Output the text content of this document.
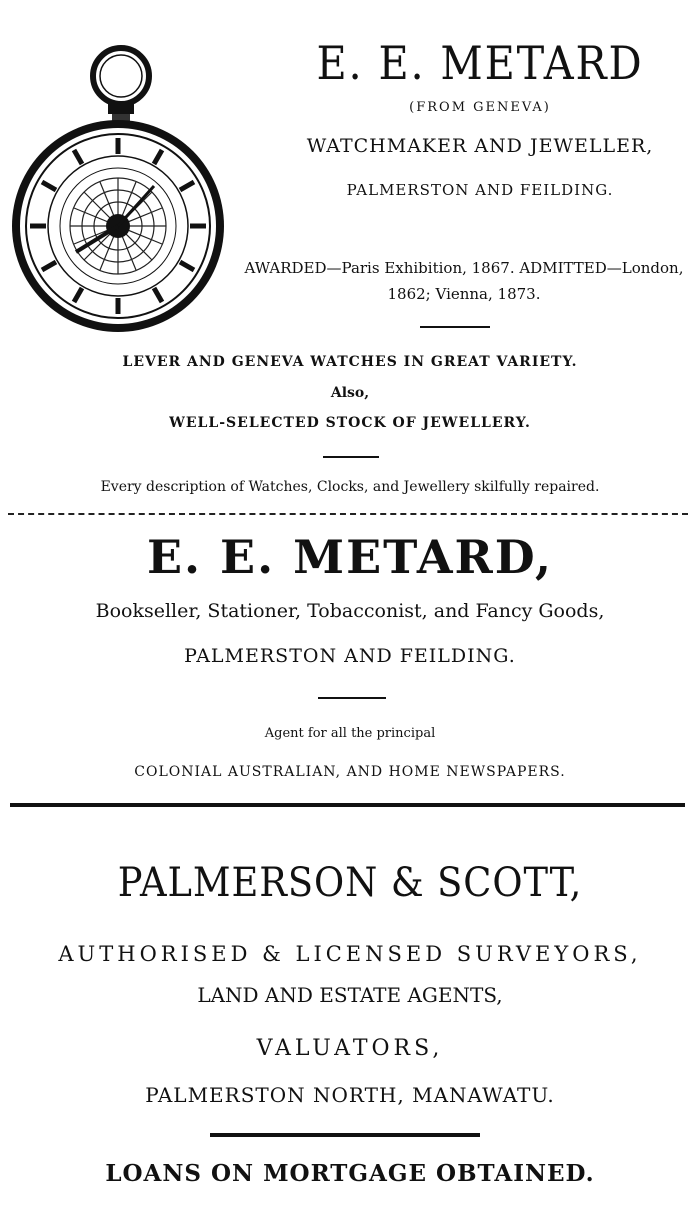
E. E. METARD
(FROM GENEVA)
WATCHMAKER AND JEWELLER,
PALMERSTON AND FEILDING.
AWARDED—Paris Exhibition, 1867. ADMITTED—London, 1862; Vienna, 1873.
LEVER AND GENEVA WATCHES IN GREAT VARIETY.
Also,
WELL-SELECTED STOCK OF JEWELLERY.
Every description of Watches, Clocks, and Jewellery skilfully repaired.
E. E. METARD,
Bookseller, Stationer, Tobacconist, and Fancy Goods,
PALMERSTON AND FEILDING.
Agent for all the principal
COLONIAL AUSTRALIAN, AND HOME NEWSPAPERS.
PALMERSON & SCOTT,
AUTHORISED & LICENSED SURVEYORS,
LAND AND ESTATE AGENTS,
VALUATORS,
PALMERSTON NORTH, MANAWATU.
LOANS ON MORTGAGE OBTAINED.
